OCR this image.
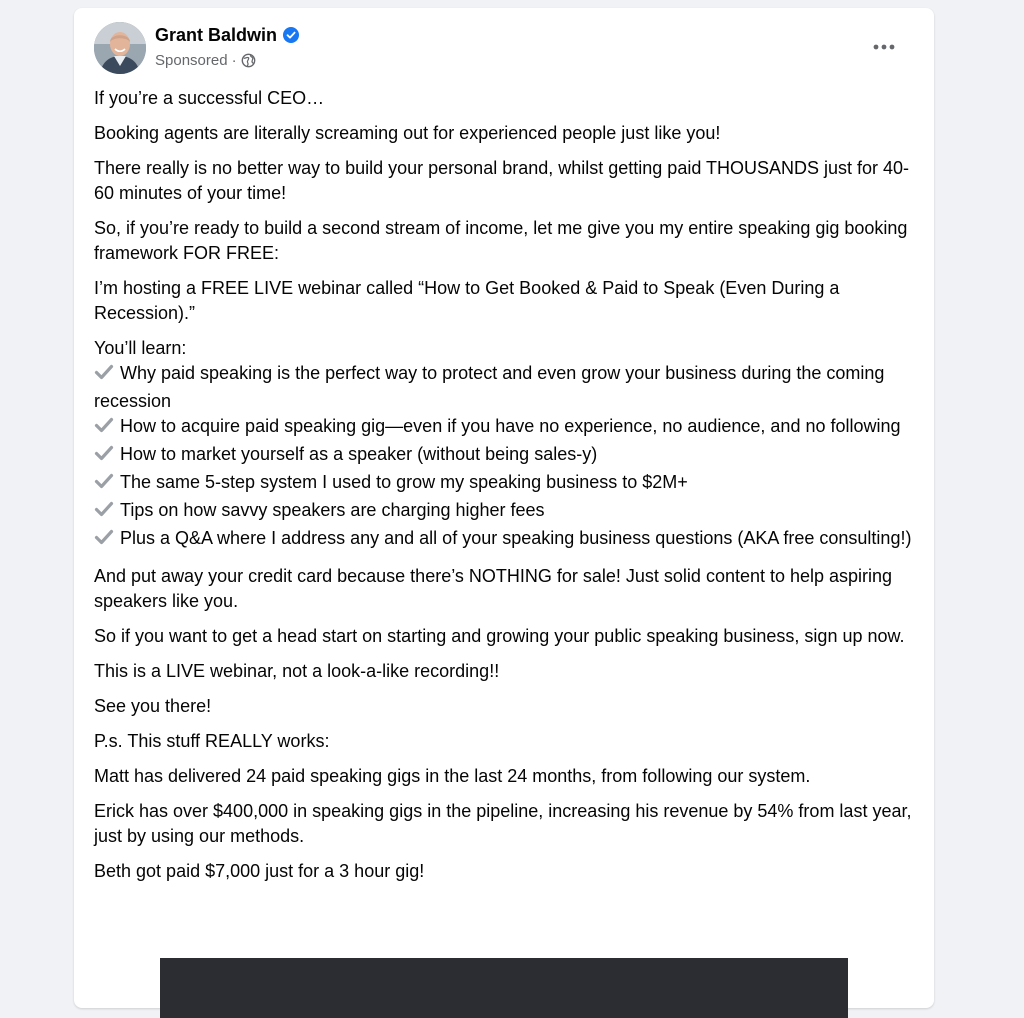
Grant Baldwin
Sponsored ·

If you’re a successful CEO…

Booking agents are literally screaming out for experienced people just like you!

There really is no better way to build your personal brand, whilst getting paid THOUSANDS just for 40-60 minutes of your time!

So, if you’re ready to build a second stream of income, let me give you my entire speaking gig booking framework FOR FREE:

I’m hosting a FREE LIVE webinar called “How to Get Booked & Paid to Speak (Even During a Recession).”

You’ll learn:
Why paid speaking is the perfect way to protect and even grow your business during the coming recession
How to acquire paid speaking gig—even if you have no experience, no audience, and no following
How to market yourself as a speaker (without being sales-y)
The same 5-step system I used to grow my speaking business to $2M+
Tips on how savvy speakers are charging higher fees
Plus a Q&A where I address any and all of your speaking business questions (AKA free consulting!)

And put away your credit card because there’s NOTHING for sale! Just solid content to help aspiring speakers like you.

So if you want to get a head start on starting and growing your public speaking business, sign up now.

This is a LIVE webinar, not a look-a-like recording!!

See you there!

P.s. This stuff REALLY works:

Matt has delivered 24 paid speaking gigs in the last 24 months, from following our system.

Erick has over $400,000 in speaking gigs in the pipeline, increasing his revenue by 54% from last year, just by using our methods.

Beth got paid $7,000 just for a 3 hour gig!
